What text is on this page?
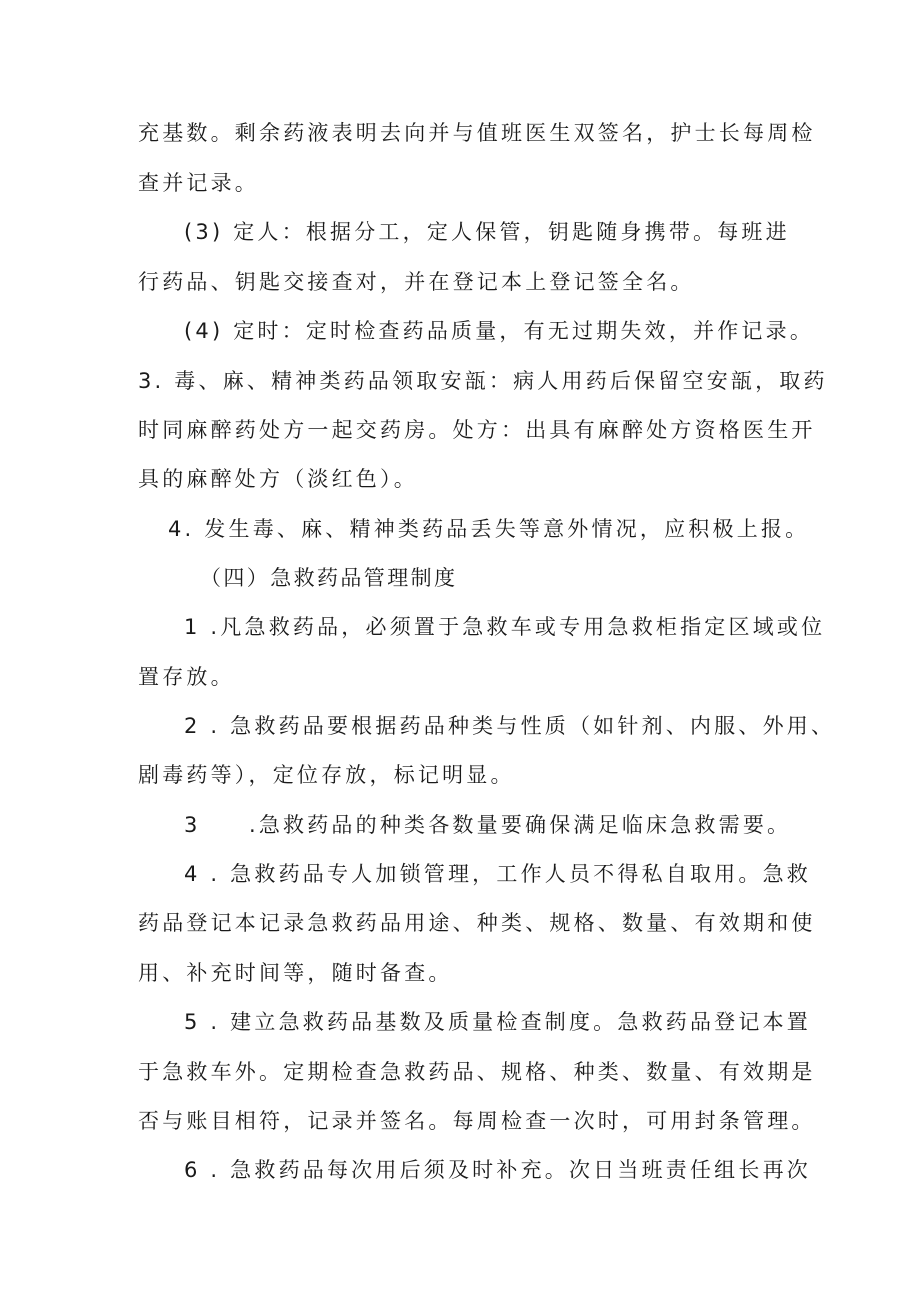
充基数。剩余药液表明去向并与值班医生双签名，护士长每周检
查并记录。
(3) 定人：根据分工，定人保管，钥匙随身携带。每班进
行药品、钥匙交接查对，并在登记本上登记签全名。
(4) 定时：定时检查药品质量，有无过期失效，并作记录。
3. 毒、麻、精神类药品领取安瓿：病人用药后保留空安瓿，取药
时同麻醉药处方一起交药房。处方：出具有麻醉处方资格医生开
具的麻醉处方（淡红色）。
4. 发生毒、麻、精神类药品丢失等意外情况，应积极上报。
（四）急救药品管理制度
1 .凡急救药品，必须置于急救车或专用急救柜指定区域或位
置存放。
2 . 急救药品要根据药品种类与性质（如针剂、内服、外用、
剧毒药等），定位存放，标记明显。
3　　.急救药品的种类各数量要确保满足临床急救需要。
4 . 急救药品专人加锁管理，工作人员不得私自取用。急救
药品登记本记录急救药品用途、种类、规格、数量、有效期和使
用、补充时间等，随时备查。
5 . 建立急救药品基数及质量检查制度。急救药品登记本置
于急救车外。定期检查急救药品、规格、种类、数量、有效期是
否与账目相符，记录并签名。每周检查一次时，可用封条管理。
6 . 急救药品每次用后须及时补充。次日当班责任组长再次
